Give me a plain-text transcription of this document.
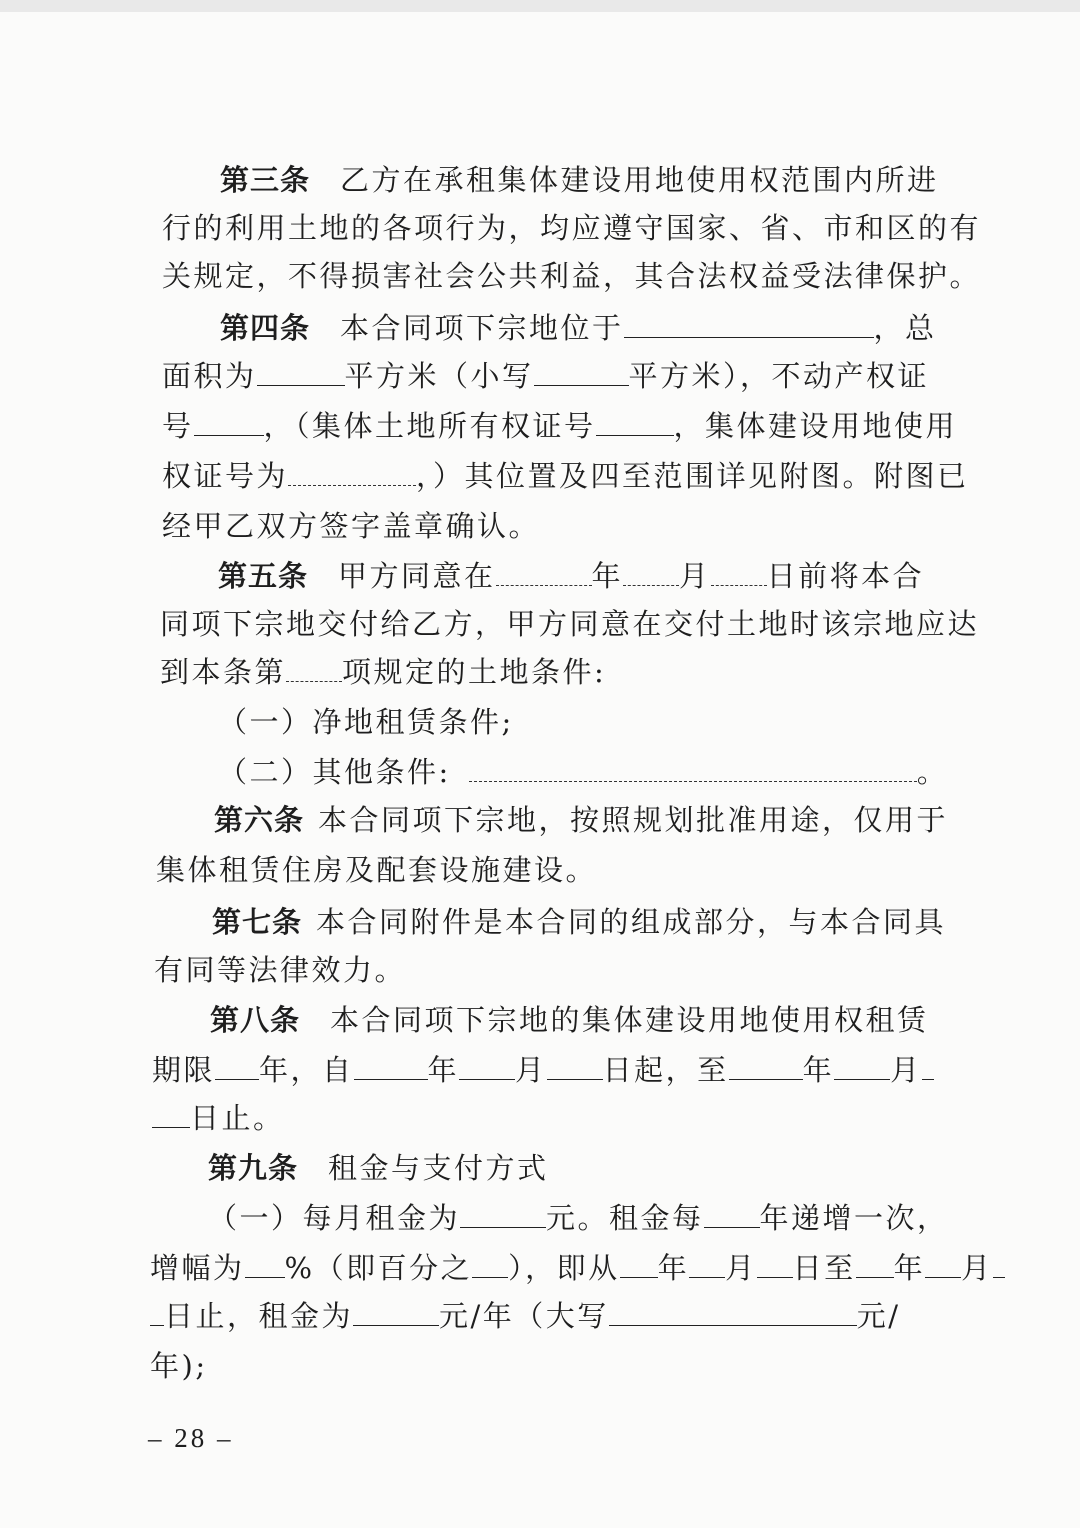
第三条 乙方在承租集体建设用地使用权范围内所进
行的利用土地的各项行为，均应遵守国家、省、市和区的有
关规定，不得损害社会公共利益，其合法权益受法律保护。
第四条 本合同项下宗地位于	，总
面积为	平方米（小写	平方米），不动产权证
号 ，（集体土地所有权证号	，集体建设用地使用
权证号为	，）其位置及四至范围详见附图。附图已
经甲乙双方签字盖章确认。
第五条 甲方同意在	年 月 日前将本合
同项下宗地交付给乙方，甲方同意在交付土地时该宗地应达
到本条第 项规定的土地条件:
（一）净地租赁条件;
（二）其他条件:	。
第六条 本合同项下宗地，按照规划批准用途，仅用于
集体租赁住房及配套设施建设。
第七条 本合同附件是本合同的组成部分，与本合同具
有同等法律效力。
第八条 本合同项下宗地的集体建设用地使用权租赁
期限 年，自	年 月 日起，至	年 月
日止。
第九条 租金与支付方式
（一）每月租金为	元。租金每 年递增一次，
增幅为 %（即百分之 ），即从 年 月 日至 年 月
日止，租金为	元/年（大写	元/
年);
– 28 –
